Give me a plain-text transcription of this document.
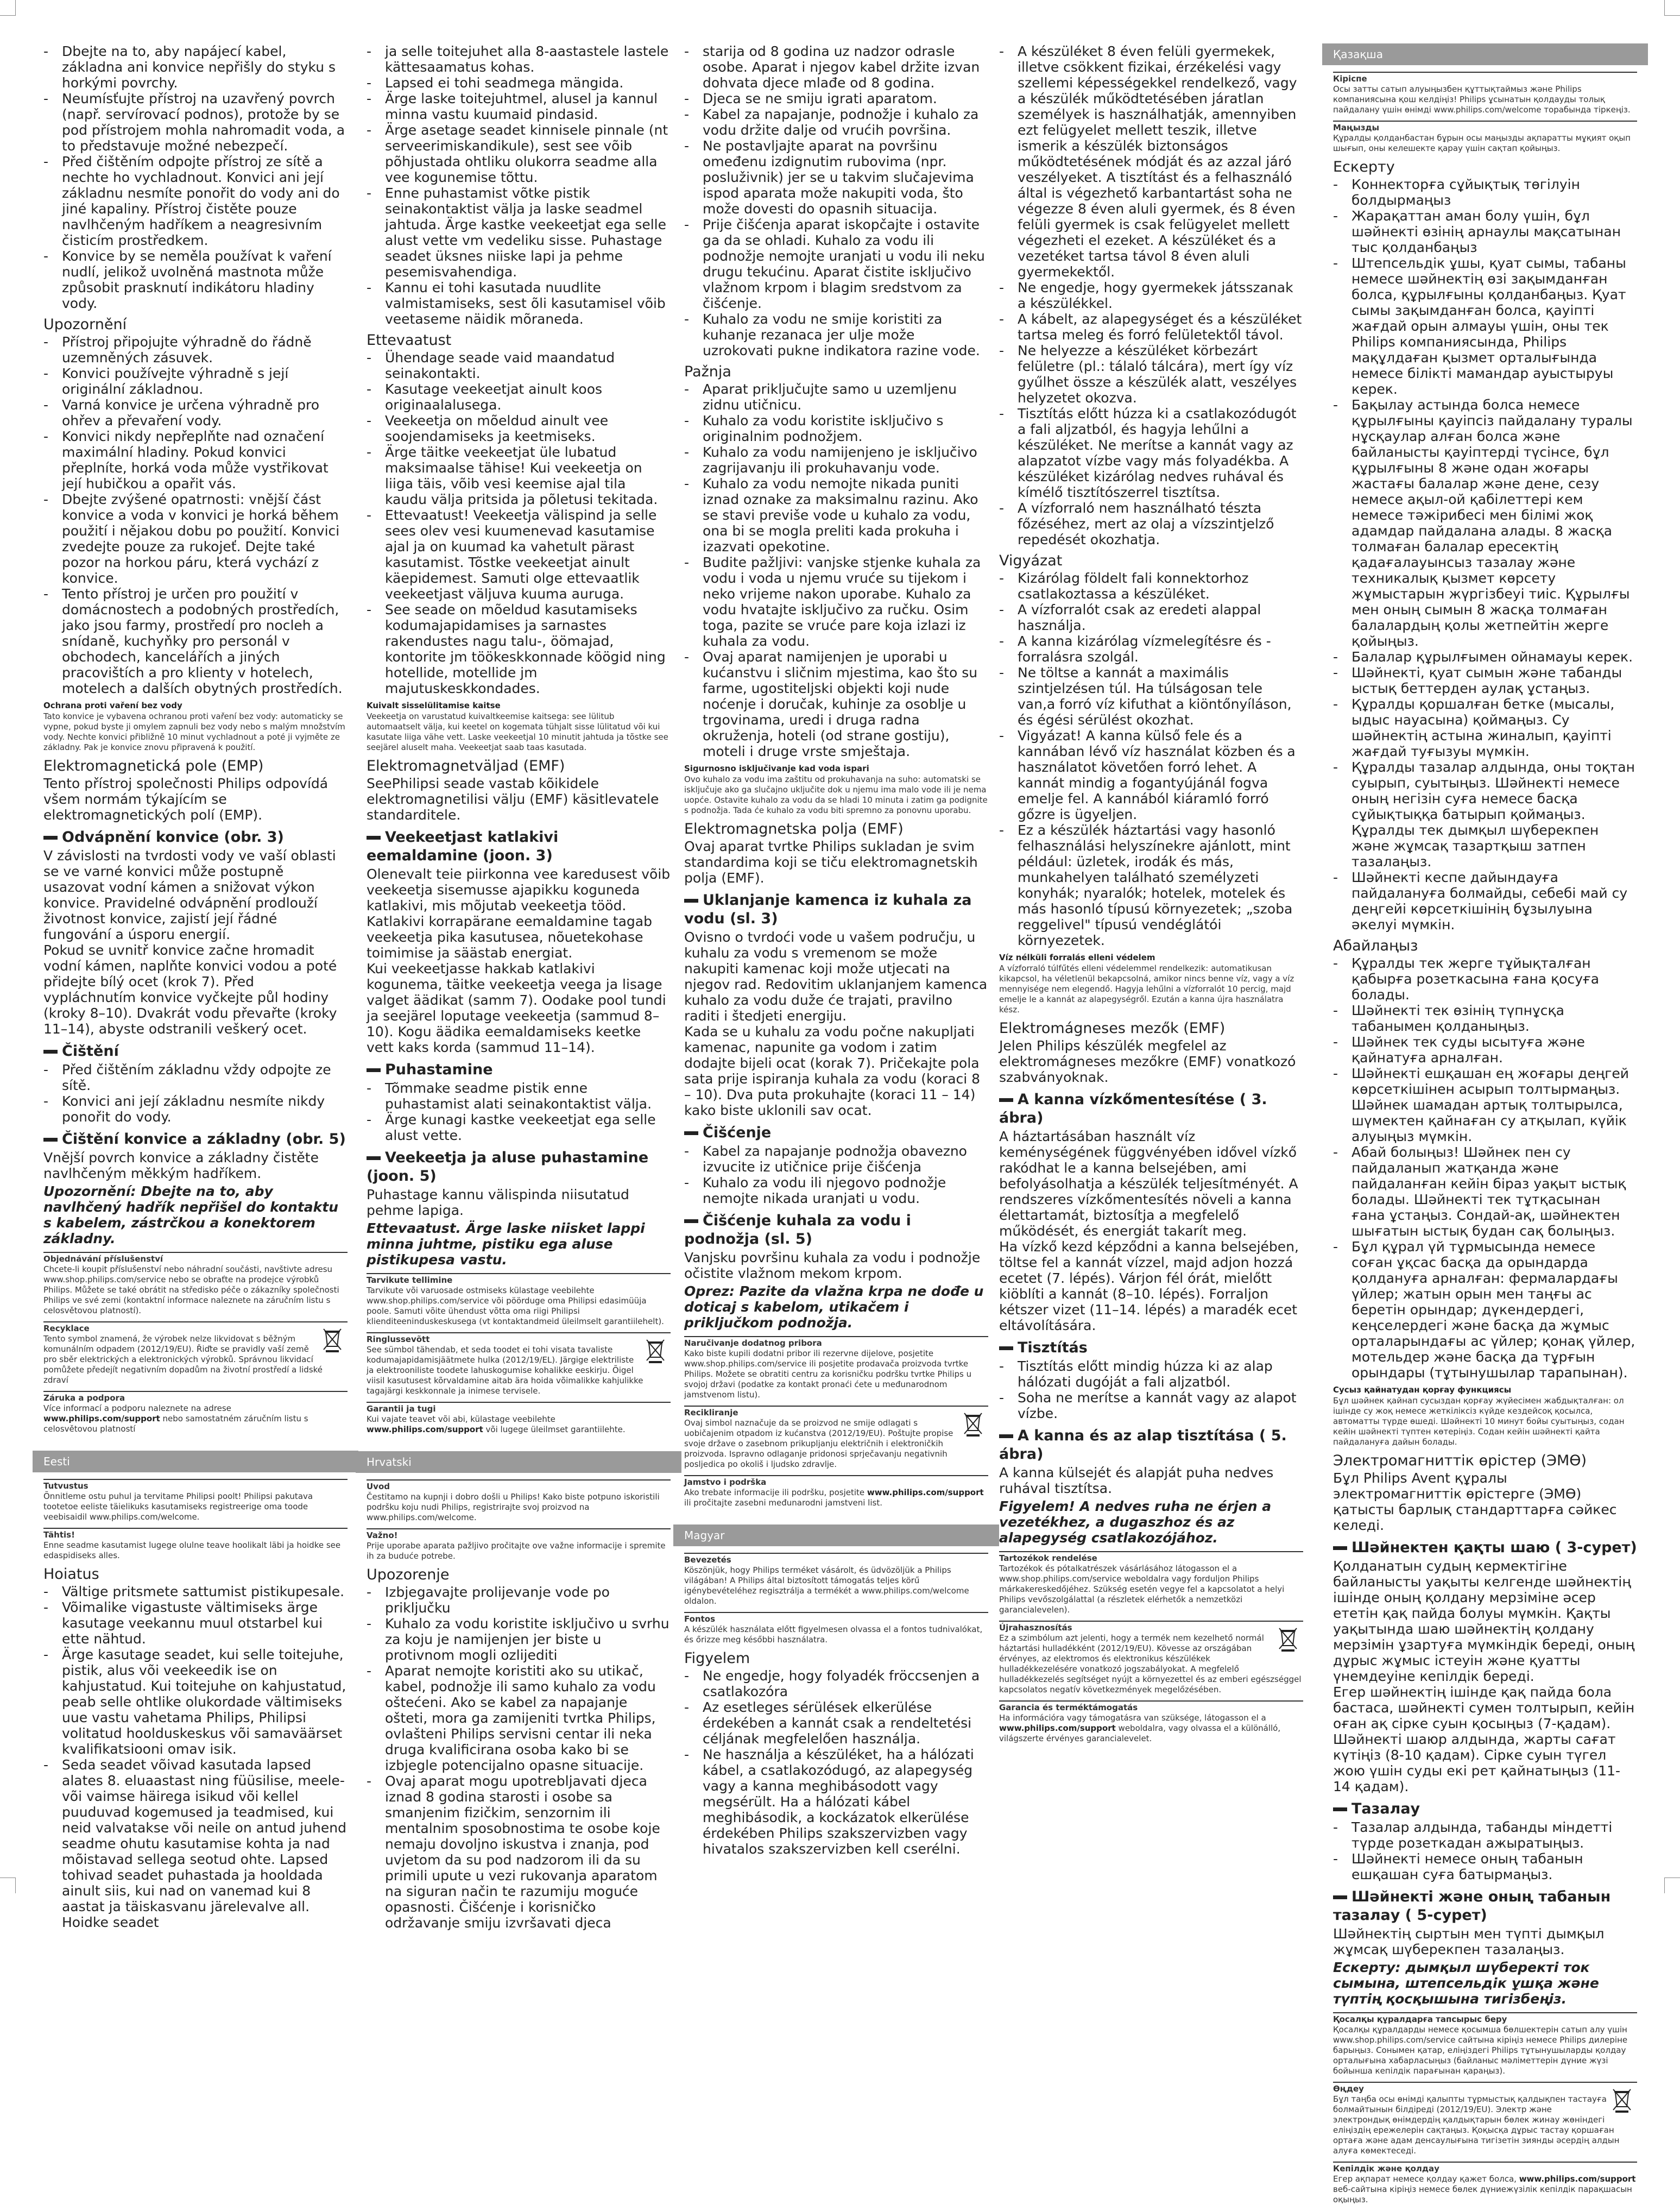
- Dbejte na to, aby napájecí kabel, základna ani konvice nepřišly do styku s horkými povrchy.

- Neumísťujte přístroj na uzavřený povrch (např. servírovací podnos), protože by se pod přístrojem mohla nahromadit voda, a to představuje možné nebezpečí.

- Před čištěním odpojte přístroj ze sítě a nechte ho vychladnout. Konvici ani její základnu nesmíte ponořit do vody ani do jiné kapaliny. Přístroj čistěte pouze navlhčeným hadříkem a neagresivním čisticím prostředkem.

- Konvice by se neměla používat k vaření nudlí, jelikož uvolněná mastnota může způsobit prasknutí indikátoru hladiny vody.

Upozornění

- Přístroj připojujte výhradně do řádně uzemněných zásuvek.

- Konvici používejte výhradně s její originální základnou.

- Varná konvice je určena výhradně pro ohřev a převaření vody.

- Konvici nikdy nepřeplňte nad označení maximální hladiny. Pokud konvici přeplníte, horká voda může vystřikovat její hubičkou a opařit vás.

- Dbejte zvýšené opatrnosti: vnější část konvice a voda v konvici je horká během použití i nějakou dobu po použití. Konvici zvedejte pouze za rukojeť. Dejte také pozor na horkou páru, která vychází z konvice.

- Tento přístroj je určen pro použití v domácnostech a podobných prostředích, jako jsou farmy, prostředí pro nocleh a snídaně, kuchyňky pro personál v obchodech, kancelářích a jiných pracovištích a pro klienty v hotelech, motelech a dalších obytných prostředích.

Ochrana proti vaření bez vody

Tato konvice je vybavena ochranou proti vaření bez vody: automaticky se vypne, pokud byste ji omylem zapnuli bez vody nebo s malým množstvím vody. Nechte konvici přibližně 10 minut vychladnout a poté ji vyjměte ze základny. Pak je konvice znovu připravená k použití.

Elektromagnetická pole (EMP)

Tento přístroj společnosti Philips odpovídá všem normám týkajícím se elektromagnetických polí (EMP).

Odvápnění konvice (obr. 3)

V závislosti na tvrdosti vody ve vaší oblasti se ve varné konvici může postupně usazovat vodní kámen a snižovat výkon konvice. Pravidelné odvápnění prodlouží životnost konvice, zajistí její řádné fungování a úsporu energií.

Pokud se uvnitř konvice začne hromadit vodní kámen, naplňte konvici vodou a poté přidejte bílý ocet (krok 7). Před vypláchnutím konvice vyčkejte půl hodiny (kroky 8–10). Dvakrát vodu převařte (kroky 11–14), abyste odstranili veškerý ocet.

Čištění

- Před čištěním základnu vždy odpojte ze sítě.

- Konvici ani její základnu nesmíte nikdy ponořit do vody.

Čištění konvice a základny (obr. 5)

Vnější povrch konvice a základny čistěte navlhčeným měkkým hadříkem.

Upozornění: Dbejte na to, aby navlhčený hadřík nepřišel do kontaktu s kabelem, zástrčkou a konektorem základny.

Objednávání příslušenství
Chcete-li koupit příslušenství nebo náhradní součásti, navštivte adresu www.shop.philips.com/service nebo se obraťte na prodejce výrobků Philips. Můžete se také obrátit na středisko péče o zákazníky společnosti Philips ve své zemi (kontaktní informace naleznete na záručním listu s celosvětovou platností).
Recyklace
Tento symbol znamená, že výrobek nelze likvidovat s běžným komunálním odpadem (2012/19/EU). Řiďte se pravidly vaší země pro sběr elektrických a elektronických výrobků. Správnou likvidací pomůžete předejít negativním dopadům na životní prostředí a lidské zdraví
Záruka a podpora
Více informací a podporu naleznete na adrese www.philips.com/support nebo samostatném záručním listu s celosvětovou platností
Eesti
Tutvustus
Õnnitleme ostu puhul ja tervitame Philipsi poolt! Philipsi pakutava tootetoe eeliste täielikuks kasutamiseks registreerige oma toode veebisaidil www.philips.com/welcome.
Tähtis!
Enne seadme kasutamist lugege olulne teave hoolikalt läbi ja hoidke see edaspidiseks alles.

Hoiatus

- Vältige pritsmete sattumist pistikupesale.

- Võimalike vigastuste vältimiseks ärge kasutage veekannu muul otstarbel kui ette nähtud.

- Ärge kasutage seadet, kui selle toitejuhe, pistik, alus või veekeedik ise on kahjustatud. Kui toitejuhe on kahjustatud, peab selle ohtlike olukordade vältimiseks uue vastu vahetama Philips, Philipsi volitatud hoolduskeskus või samaväärset kvalifikatsiooni omav isik.

- Seda seadet võivad kasutada lapsed alates 8. eluaastast ning füüsilise, meele- või vaimse häirega isikud või kellel puuduvad kogemused ja teadmised, kui neid valvatakse või neile on antud juhend seadme ohutu kasutamise kohta ja nad mõistavad sellega seotud ohte. Lapsed tohivad seadet puhastada ja hooldada ainult siis, kui nad on vanemad kui 8 aastat ja täiskasvanu järelevalve all. Hoidke seadet

- ja selle toitejuhet alla 8-aastastele lastele kättesaamatus kohas.

- Lapsed ei tohi seadmega mängida.

- Ärge laske toitejuhtmel, alusel ja kannul minna vastu kuumaid pindasid.

- Ärge asetage seadet kinnisele pinnale (nt serveerimiskandikule), sest see võib põhjustada ohtliku olukorra seadme alla vee kogunemise tõttu.

- Enne puhastamist võtke pistik seinakontaktist välja ja laske seadmel jahtuda. Ärge kastke veekeetjat ega selle alust vette vm vedeliku sisse. Puhastage seadet üksnes niiske lapi ja pehme pesemisvahendiga.

- Kannu ei tohi kasutada nuudlite valmistamiseks, sest õli kasutamisel võib veetaseme näidik mõraneda.

Ettevaatust

- Ühendage seade vaid maandatud seinakontakti.

- Kasutage veekeetjat ainult koos originaalalusega.

- Veekeetja on mõeldud ainult vee soojendamiseks ja keetmiseks.

- Ärge täitke veekeetjat üle lubatud maksimaalse tähise! Kui veekeetja on liiga täis, võib vesi keemise ajal tila kaudu välja pritsida ja põletusi tekitada.

- Ettevaatust! Veekeetja välispind ja selle sees olev vesi kuumenevad kasutamise ajal ja on kuumad ka vahetult pärast kasutamist. Tõstke veekeetjat ainult käepidemest. Samuti olge ettevaatlik veekeetjast väljuva kuuma auruga.

- See seade on mõeldud kasutamiseks kodumajapidamises ja sarnastes rakendustes nagu talu-, öömajad, kontorite jm töökeskkonnade köögid ning hotellide, motellide jm majutuskeskkondades.

Kuivalt sisselülitamise kaitse

Veekeetja on varustatud kuivaltkeemise kaitsega: see lülitub automaatselt välja, kui keetel on kogemata tühjalt sisse lülitatud või kui kasutate liiga vähe vett. Laske veekeetjal 10 minutit jahtuda ja tõstke see seejärel aluselt maha. Veekeetjat saab taas kasutada.

Elektromagnetväljad (EMF)

SeePhilipsi seade vastab kõikidele elektromagnetilisi välju (EMF) käsitlevatele standarditele.

Veekeetjast katlakivi eemaldamine (joon. 3)

Olenevalt teie piirkonna vee karedusest võib veekeetja sisemusse ajapikku koguneda katlakivi, mis mõjutab veekeetja tööd. Katlakivi korrapärane eemaldamine tagab veekeetja pika kasutusea, nõuetekohase toimimise ja säästab energiat.

Kui veekeetjasse hakkab katlakivi kogunema, täitke veekeetja veega ja lisage valget äädikat (samm 7). Oodake pool tundi ja seejärel loputage veekeetja (sammud 8–10). Kogu äädika eemaldamiseks keetke vett kaks korda (sammud 11–14).

Puhastamine

- Tõmmake seadme pistik enne puhastamist alati seinakontaktist välja.

- Ärge kunagi kastke veekeetjat ega selle alust vette.

Veekeetja ja aluse puhastamine (joon. 5)

Puhastage kannu välispinda niisutatud pehme lapiga.

Ettevaatust. Ärge laske niisket lappi minna juhtme, pistiku ega aluse pistikupesa vastu.

Tarvikute tellimine
Tarvikute või varuosade ostmiseks külastage veebilehte www.shop.philips.com/service või pöörduge oma Philipsi edasimüüja poole. Samuti võite ühendust võtta oma riigi Philipsi klienditeeninduskeskusega (vt kontaktandmeid üleilmselt garantiilehelt).
Ringlussevõtt
See sümbol tähendab, et seda toodet ei tohi visata tavaliste kodumajapidamisjäätmete hulka (2012/19/EL). Järgige elektriliste ja elektrooniliste toodete lahuskogumise kohalikke eeskirju. Õigel viisil kasutusest kõrvaldamine aitab ära hoida võimalikke kahjulikke tagajärgi keskkonnale ja inimese tervisele.
Garantii ja tugi
Kui vajate teavet või abi, külastage veebilehte www.philips.com/support või lugege üleilmset garantiilehte.
Hrvatski
Uvod
Čestitamo na kupnji i dobro došli u Philips! Kako biste potpuno iskoristili podršku koju nudi Philips, registrirajte svoj proizvod na www.philips.com/welcome.
Važno!
Prije uporabe aparata pažljivo pročitajte ove važne informacije i spremite ih za buduće potrebe.

Upozorenje

- Izbjegavajte prolijevanje vode po priključku

- Kuhalo za vodu koristite isključivo u svrhu za koju je namijenjen jer biste u protivnom mogli ozlijediti

- Aparat nemojte koristiti ako su utikač, kabel, podnožje ili samo kuhalo za vodu oštećeni. Ako se kabel za napajanje ošteti, mora ga zamijeniti tvrtka Philips, ovlašteni Philips servisni centar ili neka druga kvalificirana osoba kako bi se izbjegle potencijalno opasne situacije.

- Ovaj aparat mogu upotrebljavati djeca iznad 8 godina starosti i osobe sa smanjenim fizičkim, senzornim ili mentalnim sposobnostima te osobe koje nemaju dovoljno iskustva i znanja, pod uvjetom da su pod nadzorom ili da su primili upute u vezi rukovanja aparatom na siguran način te razumiju moguće opasnosti. Čišćenje i korisničko održavanje smiju izvršavati djeca

- starija od 8 godina uz nadzor odrasle osobe. Aparat i njegov kabel držite izvan dohvata djece mlađe od 8 godina.

- Djeca se ne smiju igrati aparatom.

- Kabel za napajanje, podnožje i kuhalo za vodu držite dalje od vrućih površina.

- Ne postavljajte aparat na površinu omeđenu izdignutim rubovima (npr. posluživnik) jer se u takvim slučajevima ispod aparata može nakupiti voda, što može dovesti do opasnih situacija.

- Prije čišćenja aparat iskopčajte i ostavite ga da se ohladi. Kuhalo za vodu ili podnožje nemojte uranjati u vodu ili neku drugu tekućinu. Aparat čistite isključivo vlažnom krpom i blagim sredstvom za čišćenje.

- Kuhalo za vodu ne smije koristiti za kuhanje rezanaca jer ulje može uzrokovati pukne indikatora razine vode.

Pažnja

- Aparat priključujte samo u uzemljenu zidnu utičnicu.

- Kuhalo za vodu koristite isključivo s originalnim podnožjem.

- Kuhalo za vodu namijenjeno je isključivo zagrijavanju ili prokuhavanju vode.

- Kuhalo za vodu nemojte nikada puniti iznad oznake za maksimalnu razinu. Ako se stavi previše vode u kuhalo za vodu, ona bi se mogla preliti kada prokuha i izazvati opekotine.

- Budite pažljivi: vanjske stjenke kuhala za vodu i voda u njemu vruće su tijekom i neko vrijeme nakon uporabe. Kuhalo za vodu hvatajte isključivo za ručku. Osim toga, pazite se vruće pare koja izlazi iz kuhala za vodu.

- Ovaj aparat namijenjen je uporabi u kućanstvu i sličnim mjestima, kao što su farme, ugostiteljski objekti koji nude noćenje i doručak, kuhinje za osoblje u trgovinama, uredi i druga radna okruženja, hoteli (od strane gostiju), moteli i druge vrste smještaja.

Sigurnosno isključivanje kad voda ispari

Ovo kuhalo za vodu ima zaštitu od prokuhavanja na suho: automatski se isključuje ako ga slučajno uključite dok u njemu ima malo vode ili je nema uopće. Ostavite kuhalo za vodu da se hladi 10 minuta i zatim ga podignite s podnožja. Tada će kuhalo za vodu biti spremno za ponovnu uporabu.

Elektromagnetska polja (EMF)

Ovaj aparat tvrtke Philips sukladan je svim standardima koji se tiču elektromagnetskih polja (EMF).

Uklanjanje kamenca iz kuhala za vodu (sl. 3)

Ovisno o tvrdoći vode u vašem području, u kuhalu za vodu s vremenom se može nakupiti kamenac koji može utjecati na njegov rad. Redovitim uklanjanjem kamenca kuhalo za vodu duže će trajati, pravilno raditi i štedjeti energiju.

Kada se u kuhalu za vodu počne nakupljati kamenac, napunite ga vodom i zatim dodajte bijeli ocat (korak 7). Pričekajte pola sata prije ispiranja kuhala za vodu (koraci 8 – 10). Dva puta prokuhajte (koraci 11 – 14) kako biste uklonili sav ocat.

Čišćenje

- Kabel za napajanje podnožja obavezno izvucite iz utičnice prije čišćenja

- Kuhalo za vodu ili njegovo podnožje nemojte nikada uranjati u vodu.

Čišćenje kuhala za vodu i podnožja (sl. 5)

Vanjsku površinu kuhala za vodu i podnožje očistite vlažnom mekom krpom.

Oprez: Pazite da vlažna krpa ne dođe u doticaj s kabelom, utikačem i priključkom podnožja.

Naručivanje dodatnog pribora
Kako biste kupili dodatni pribor ili rezervne dijelove, posjetite www.shop.philips.com/service ili posjetite prodavača proizvoda tvrtke Philips. Možete se obratiti centru za korisničku podršku tvrtke Philips u svojoj državi (podatke za kontakt pronaći ćete u međunarodnom jamstvenom listu).
Recikliranje
Ovaj simbol naznačuje da se proizvod ne smije odlagati s uobičajenim otpadom iz kućanstva (2012/19/EU). Poštujte propise svoje države o zasebnom prikupljanju električnih i elektroničkih proizvoda. Ispravno odlaganje pridonosi sprječavanju negativnih posljedica po okoliš i ljudsko zdravlje.
Jamstvo i podrška
Ako trebate informacije ili podršku, posjetite www.philips.com/support ili pročitajte zasebni međunarodni jamstveni list.
Magyar
Bevezetés
Köszönjük, hogy Philips terméket vásárolt, és üdvözöljük a Philips világában! A Philips által biztosított támogatás teljes körű igénybevételéhez regisztrálja a termékét a www.philips.com/welcome oldalon.
Fontos
A készülék használata előtt figyelmesen olvassa el a fontos tudnivalókat, és őrizze meg későbbi használatra.

Figyelem

- Ne engedje, hogy folyadék fröccsenjen a csatlakozóra

- Az esetleges sérülések elkerülése érdekében a kannát csak a rendeltetési céljának megfelelően használja.

- Ne használja a készüléket, ha a hálózati kábel, a csatlakozódugó, az alapegység vagy a kanna meghibásodott vagy megsérült. Ha a hálózati kábel meghibásodik, a kockázatok elkerülése érdekében Philips szakszervizben vagy hivatalos szakszervizben kell cserélni.

- A készüléket 8 éven felüli gyermekek, illetve csökkent fizikai, érzékelési vagy szellemi képességekkel rendelkező, vagy a készülék működtetésében járatlan személyek is használhatják, amennyiben ezt felügyelet mellett teszik, illetve ismerik a készülék biztonságos működtetésének módját és az azzal járó veszélyeket. A tisztítást és a felhasználó által is végezhető karbantartást soha ne végezze 8 éven aluli gyermek, és 8 éven felüli gyermek is csak felügyelet mellett végezheti el ezeket. A készüléket és a vezetéket tartsa távol 8 éven aluli gyermekektől.

- Ne engedje, hogy gyermekek játsszanak a készülékkel.

- A kábelt, az alapegységet és a készüléket tartsa meleg és forró felületektől távol.

- Ne helyezze a készüléket körbezárt felületre (pl.: tálaló tálcára), mert így víz gyűlhet össze a készülék alatt, veszélyes helyzetet okozva.

- Tisztítás előtt húzza ki a csatlakozódugót a fali aljzatból, és hagyja lehűlni a készüléket. Ne merítse a kannát vagy az alapzatot vízbe vagy más folyadékba. A készüléket kizárólag nedves ruhával és kímélő tisztítószerrel tisztítsa.

- A vízforraló nem használható tészta főzéséhez, mert az olaj a vízszintjelző repedését okozhatja.

Vigyázat

- Kizárólag földelt fali konnektorhoz csatlakoztassa a készüléket.

- A vízforralót csak az eredeti alappal használja.

- A kanna kizárólag vízmelegítésre és -forralásra szolgál.

- Ne töltse a kannát a maximális szintjelzésen túl. Ha túlságosan tele van,a forró víz kifuthat a kiöntőnyíláson, és égési sérülést okozhat.

- Vigyázat! A kanna külső fele és a kannában lévő víz használat közben és a használatot követően forró lehet. A kannát mindig a fogantyújánál fogva emelje fel. A kannából kiáramló forró gőzre is ügyeljen.

- Ez a készülék háztartási vagy hasonló felhasználási helyszínekre ajánlott, mint például: üzletek, irodák és más, munkahelyen található személyzeti konyhák; nyaralók; hotelek, motelek és más hasonló típusú környezetek; „szoba reggelivel" típusú vendéglátói környezetek.

Víz nélküli forralás elleni védelem

A vízforraló túlfűtés elleni védelemmel rendelkezik: automatikusan kikapcsol, ha véletlenül bekapcsolná, amikor nincs benne víz, vagy a víz mennyisége nem elegendő. Hagyja lehűlni a vízforralót 10 percig, majd emelje le a kannát az alapegységről. Ezután a kanna újra használatra kész.

Elektromágneses mezők (EMF)

Jelen Philips készülék megfelel az elektromágneses mezőkre (EMF) vonatkozó szabványoknak.

A kanna vízkőmentesítése ( 3. ábra)

A háztartásában használt víz keménységének függvényében idővel vízkő rakódhat le a kanna belsejében, ami befolyásolhatja a készülék teljesítményét. A rendszeres vízkőmentesítés növeli a kanna élettartamát, biztosítja a megfelelő működését, és energiát takarít meg.

Ha vízkő kezd képződni a kanna belsejében, töltse fel a kannát vízzel, majd adjon hozzá ecetet (7. lépés). Várjon fél órát, mielőtt kiöblíti a kannát (8–10. lépés). Forraljon kétszer vizet (11–14. lépés) a maradék ecet eltávolítására.

Tisztítás

- Tisztítás előtt mindig húzza ki az alap hálózati dugóját a fali aljzatból.

- Soha ne merítse a kannát vagy az alapot vízbe.

A kanna és az alap tisztítása ( 5. ábra)

A kanna külsejét és alapját puha nedves ruhával tisztítsa.

Figyelem! A nedves ruha ne érjen a vezetékhez, a dugaszhoz és az alapegység csatlakozójához.

Tartozékok rendelése
Tartozékok és pótalkatrészek vásárlásához látogasson el a www.shop.philips.com/service weboldalra vagy forduljon Philips márkakereskedőjéhez. Szükség esetén vegye fel a kapcsolatot a helyi Philips vevőszolgálattal (a részletek elérhetők a nemzetközi garancialevelen).
Újrahasznosítás
Ez a szimbólum azt jelenti, hogy a termék nem kezelhető normál háztartási hulladékként (2012/19/EU). Kövesse az országában érvényes, az elektromos és elektronikus készülékek hulladékkezelésére vonatkozó jogszabályokat. A megfelelő hulladékkezelés segítséget nyújt a környezettel és az emberi egészséggel kapcsolatos negatív következmények megelőzésében.
Garancia és terméktámogatás
Ha információra vagy támogatásra van szüksége, látogasson el a www.philips.com/support weboldalra, vagy olvassa el a különálló, világszerte érvényes garancialevelet.
Қазақша
Кіріспе
Осы затты сатып алуыңызбен құттықтаймыз және Philips компаниясына қош келдіңіз! Philips ұсынатын қолдауды толық пайдалану үшін өнімді www.philips.com/welcome торабында тіркеңіз.
Маңызды
Құралды қолданбастан бұрын осы маңызды ақпаратты мұқият оқып шығып, оны келешекте қарау үшін сақтап қойыңыз.

Ескерту

- Коннекторға сұйықтық төгілуін болдырмаңыз

- Жарақаттан аман болу үшін, бұл шәйнекті өзінің арнаулы мақсатынан тыс қолданбаңыз

- Штепсельдік ұшы, қуат сымы, табаны немесе шәйнектің өзі зақымданған болса, құрылғыны қолданбаңыз. Қуат сымы зақымданған болса, қауіпті жағдай орын алмауы үшін, оны тек Philips компаниясында, Philips мақұлдаған қызмет орталығында немесе білікті мамандар ауыстыруы керек.

- Бақылау астында болса немесе құрылғыны қауіпсіз пайдалану туралы нұсқаулар алған болса және байланысты қауіптерді түсінсе, бұл құрылғыны 8 және одан жоғары жастағы балалар және дене, сезу немесе ақыл-ой қабілеттері кем немесе тәжірибесі мен білімі жоқ адамдар пайдалана алады. 8 жасқа толмаған балалар ересектің қадағалауынсыз тазалау және техникалық қызмет көрсету жұмыстарын жүргізбеуі тиіс. Құрылғы мен оның сымын 8 жасқа толмаған балалардың қолы жетпейтін жерге қойыңыз.

- Балалар құрылғымен ойнамауы керек.

- Шәйнекті, қуат сымын және табанды ыстық беттерден аулақ ұстаңыз.

- Құралды қоршалған бетке (мысалы, ыдыс науасына) қоймаңыз. Су шәйнектің астына жиналып, қауіпті жағдай туғызуы мүмкін.

- Құралды тазалар алдында, оны тоқтан суырып, суытыңыз. Шәйнекті немесе оның негізін суға немесе басқа сұйықтыққа батырып қоймаңыз. Құралды тек дымқыл шүберекпен және жұмсақ тазартқыш затпен тазалаңыз.

- Шәйнекті кеспе дайындауға пайдалануға болмайды, себебі май су деңгейі көрсеткішінің бұзылуына әкелуі мүмкін.

Абайлаңыз

- Құралды тек жерге тұйықталған қабырға розеткасына ғана қосуға болады.

- Шәйнекті тек өзінің түпнұсқа табанымен қолданыңыз.

- Шәйнек тек суды ысытуға және қайнатуға арналған.

- Шәйнекті ешқашан ең жоғары деңгей көрсеткішінен асырып толтырмаңыз. Шәйнек шамадан артық толтырылса, шүмектен қайнаған су атқылап, күйік алуыңыз мүмкін.

- Абай болыңыз! Шәйнек пен су пайдаланып жатқанда және пайдаланған кейін біраз уақыт ыстық болады. Шәйнекті тек тұтқасынан ғана ұстаңыз. Сондай-ақ, шәйнектен шығатын ыстық будан сақ болыңыз.

- Бұл құрал үй тұрмысында немесе соған ұқсас басқа да орындарда қолдануға арналған: фермалардағы үйлер; жатын орын мен таңғы ас беретін орындар; дүкендердегі, кеңселердегі және басқа да жұмыс орталарындағы ас үйлер; қонақ үйлер, мотельдер және басқа да тұрғын орындары (тұтынушылар тарапынан).

Сусыз қайнатудан қорғау функциясы

Бұл шәйнек қайнап сусыздан қорғау жүйесімен жабдықталған: ол ішінде су жоқ немесе жеткіліксіз күйде кездейсоқ қосылса, автоматты түрде өшеді. Шәйнекті 10 минут бойы суытыңыз, содан кейін шәйнекті түптен көтеріңіз. Содан кейін шәйнекті қайта пайдалануға дайын болады.

Электромагниттік өрістер (ЭМӨ)

Бұл Philips Avent құралы электромагниттік өрістерге (ЭМӨ) қатысты барлық стандарттарға сәйкес келеді.

Шәйнектен қақты шаю ( 3-сурет)

Қолданатын судың кермектігіне байланысты уақыты келгенде шәйнектің ішінде оның қолдану мерзіміне әсер ететін қақ пайда болуы мүмкін. Қақты уақытында шаю шәйнектің қолдану мерзімін ұзартуға мүмкіндік береді, оның дұрыс жұмыс істеуін және қуатты үнемдеуіне кепілдік береді.

Егер шәйнектің ішінде қақ пайда бола бастаса, шәйнекті сумен толтырып, кейін оған ақ сірке суын қосыңыз (7-қадам). Шәйнекті шаюр алдында, жарты сағат күтіңіз (8-10 қадам). Сірке суын түгел жою үшін суды екі рет қайнатыңыз (11-14 қадам).

Тазалау

- Тазалар алдында, табанды міндетті түрде розеткадан ажыратыңыз.

- Шәйнекті немесе оның табанын ешқашан суға батырмаңыз.

Шәйнекті және оның табанын тазалау ( 5-сурет)

Шәйнектің сыртын мен түпті дымқыл жұмсақ шүберекпен тазалаңыз.

Ескерту: дымқыл шүберекті ток сымына, штепсельдік ұшқа және түптің қосқышына тигізбеңіз.

Қосалқы құралдарға тапсырыс беру
Қосалқы құралдарды немесе қосымша бөлшектерін сатып алу үшін www.shop.philips.com/service сайтына кіріңіз немесе Philips дилеріне барыңыз. Сонымен қатар, еліңіздегі Philips тұтынушыларды қолдау орталығына хабарласыңыз (байланыс мәліметтерін дүние жүзі бойынша кепілдік парағынан қараңыз).
Өңдеу
Бұл таңба осы өнімді қалыпты тұрмыстық қалдықпен тастауға болмайтынын білдіреді (2012/19/EU). Электр және электрондық өнімдердің қалдықтарын бөлек жинау жөніндегі еліңіздің ережелерін сақтаңыз. Қоқысқа дұрыс тастау қоршаған ортаға және адам денсаулығына тигізетін зиянды әсердің алдын алуға көмектеседі.
Кепілдік және қолдау
Егер ақпарат немесе қолдау қажет болса, www.philips.com/support веб-сайтына кіріңіз немесе бөлек дүниежүзілік кепілдік парақшасын оқыңыз.
